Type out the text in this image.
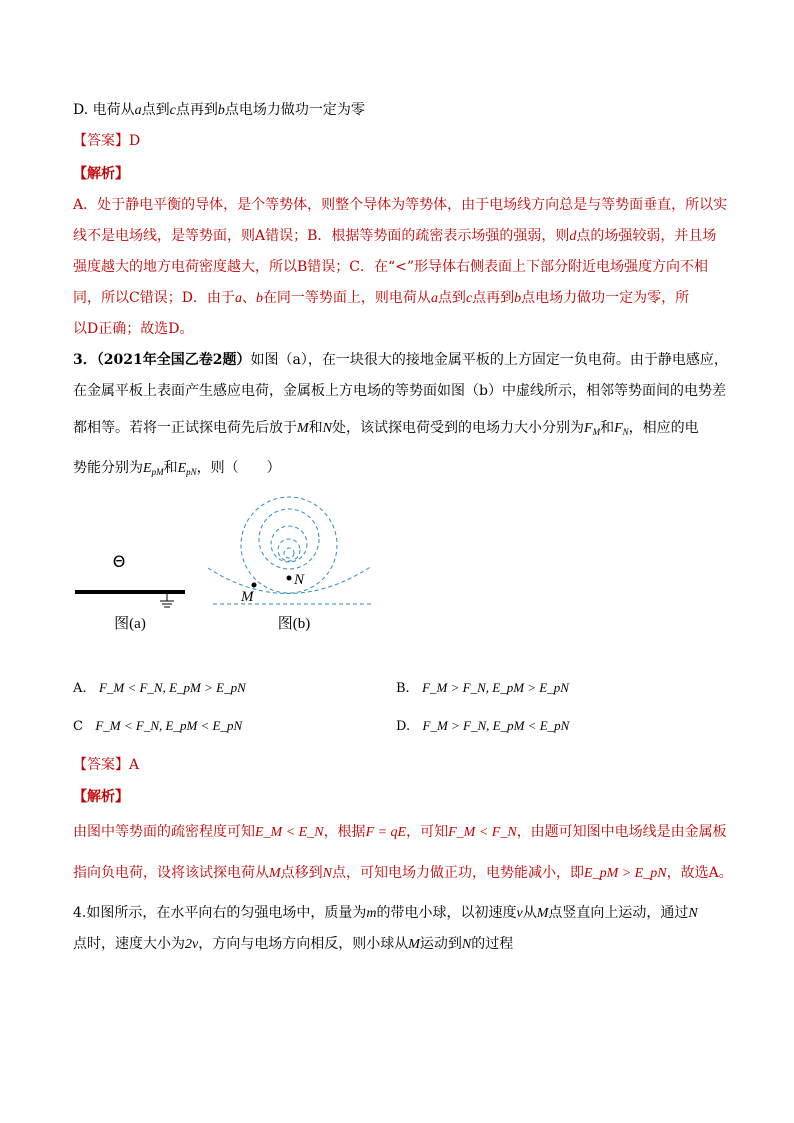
D. 电荷从a点到c点再到b点电场力做功一定为零
【答案】D
【解析】
A．处于静电平衡的导体，是个等势体，则整个导体为等势体，由于电场线方向总是与等势面垂直，所以实
线不是电场线，是等势面，则A错误；B．根据等势面的疏密表示场强的强弱，则d点的场强较弱，并且场
强度越大的地方电荷密度越大，所以B错误；C．在“<”形导体右侧表面上下部分附近电场强度方向不相
同，所以C错误；D．由于a、b在同一等势面上，则电荷从a点到c点再到b点电场力做功一定为零，所
以D正确；故选D。
3．（2021年全国乙卷2题）如图（a），在一块很大的接地金属平板的上方固定一负电荷。由于静电感应，
在金属平板上表面产生感应电荷，金属板上方电场的等势面如图（b）中虚线所示，相邻等势面间的电势差
都相等。若将一正试探电荷先后放于M和N处，该试探电荷受到的电场力大小分别为$F_M$和$F_N$，相应的电
势能分别为$E_{pM}$和$E_{pN}$，则（　　）
Θ
图(a)
M
N
图(b)
A. F_M < F_N, E_pM > E_pN	B. F_M > F_N, E_pM > E_pN
C F_M < F_N, E_pM < E_pN	D. F_M > F_N, E_pM < E_pN
【答案】A
【解析】
由图中等势面的疏密程度可知E_M < E_N，根据F = qE，可知F_M < F_N，由题可知图中电场线是由金属板
指向负电荷，设将该试探电荷从M点移到N点，可知电场力做正功，电势能减小，即E_pM > E_pN，故选A。
4.如图所示，在水平向右的匀强电场中，质量为m的带电小球，以初速度v从M点竖直向上运动，通过N
点时，速度大小为2v，方向与电场方向相反，则小球从M运动到N的过程
